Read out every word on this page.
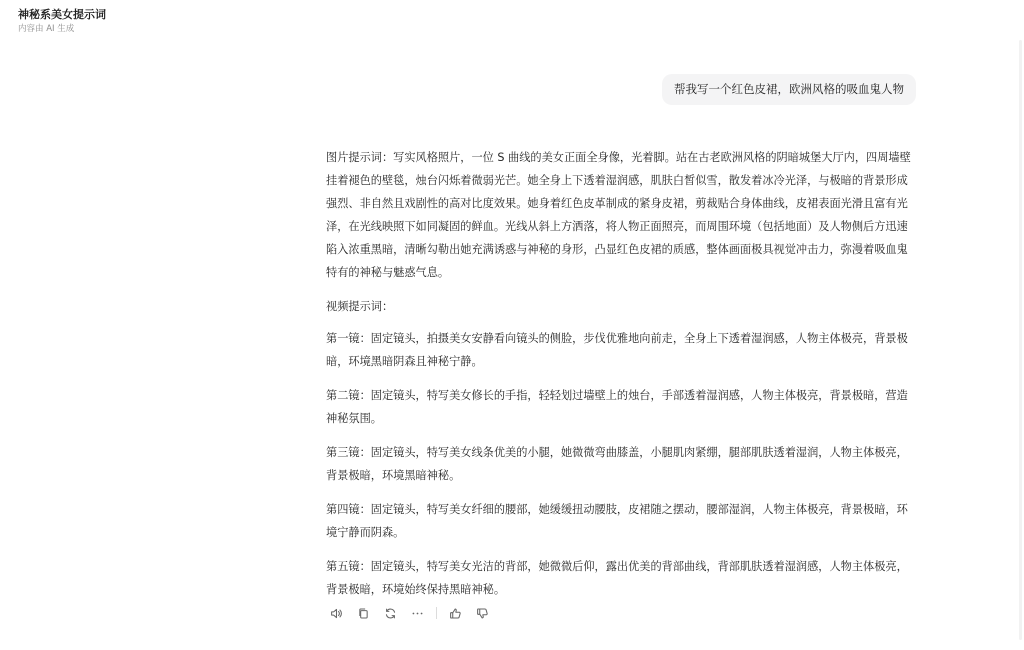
神秘系美女提示词
内容由 AI 生成
帮我写一个红色皮裙，欧洲风格的吸血鬼人物

图片提示词：写实风格照片，一位 S 曲线的美女正面全身像，光着脚。站在古老欧洲风格的阴暗城堡大厅内，四周墙壁挂着褪色的壁毯，烛台闪烁着微弱光芒。她全身上下透着湿润感，肌肤白皙似雪，散发着冰冷光泽，与极暗的背景形成强烈、非自然且戏剧性的高对比度效果。她身着红色皮革制成的紧身皮裙，剪裁贴合身体曲线，皮裙表面光滑且富有光泽，在光线映照下如同凝固的鲜血。光线从斜上方洒落，将人物正面照亮，而周围环境（包括地面）及人物侧后方迅速陷入浓重黑暗，清晰勾勒出她充满诱惑与神秘的身形，凸显红色皮裙的质感，整体画面极具视觉冲击力，弥漫着吸血鬼特有的神秘与魅惑气息。

视频提示词：

第一镜：固定镜头，拍摄美女安静看向镜头的侧脸，步伐优雅地向前走，全身上下透着湿润感，人物主体极亮，背景极暗，环境黑暗阴森且神秘宁静。

第二镜：固定镜头，特写美女修长的手指，轻轻划过墙壁上的烛台，手部透着湿润感，人物主体极亮，背景极暗，营造神秘氛围。

第三镜：固定镜头，特写美女线条优美的小腿，她微微弯曲膝盖，小腿肌肉紧绷，腿部肌肤透着湿润，人物主体极亮，背景极暗，环境黑暗神秘。

第四镜：固定镜头，特写美女纤细的腰部，她缓缓扭动腰肢，皮裙随之摆动，腰部湿润，人物主体极亮，背景极暗，环境宁静而阴森。

第五镜：固定镜头，特写美女光洁的背部，她微微后仰，露出优美的背部曲线，背部肌肤透着湿润感，人物主体极亮，背景极暗，环境始终保持黑暗神秘。
